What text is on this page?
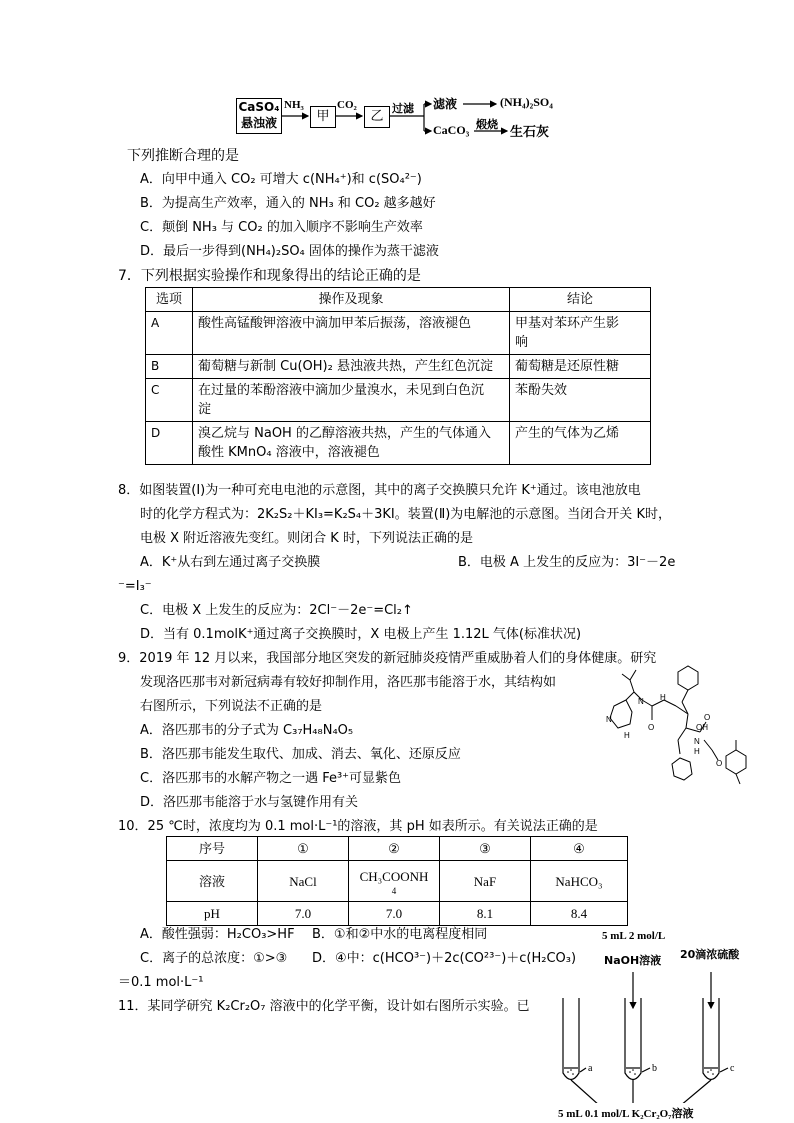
CaSO₄
悬浊液
NH₃
甲
CO₂
乙
过滤 滤液	(NH₄)₂SO₄
CaCO₃ 煅烧
生石灰
下列推断合理的是
A．向甲中通入 CO₂ 可增大 c(NH₄⁺)和 c(SO₄²⁻)
B．为提高生产效率，通入的 NH₃ 和 CO₂ 越多越好
C．颠倒 NH₃ 与 CO₂ 的加入顺序不影响生产效率
D．最后一步得到(NH₄)₂SO₄ 固体的操作为蒸干滤液
7．下列根据实验操作和现象得出的结论正确的是
选项	操作及现象	结论
A	酸性高锰酸钾溶液中滴加甲苯后振荡，溶液褪色	甲基对苯环产生影
响

B	葡萄糖与新制 Cu(OH)₂ 悬浊液共热，产生红色沉淀	葡萄糖是还原性糖

C	在过量的苯酚溶液中滴加少量溴水，未见到白色沉
淀	苯酚失效

D	溴乙烷与 NaOH 的乙醇溶液共热，产生的气体通入
酸性 KMnO₄ 溶液中，溶液褪色	产生的气体为乙烯
8．如图装置(Ⅰ)为一种可充电电池的示意图，其中的离子交换膜只允许 K⁺通过。该电池放电
时的化学方程式为：2K₂S₂＋KI₃=K₂S₄＋3KI。装置(Ⅱ)为电解池的示意图。当闭合开关 K时，
电极 X 附近溶液先变红。则闭合 K 时，下列说法正确的是
A．K⁺从右到左通过离子交换膜	B．电极 A 上发生的反应为：3I⁻－2e
⁻=I₃⁻
C．电极 X 上发生的反应为：2Cl⁻－2e⁻=Cl₂↑
D．当有 0.1molK⁺通过离子交换膜时，X 电极上产生 1.12L 气体(标准状况)
9．2019 年 12 月以来，我国部分地区突发的新冠肺炎疫情严重威胁着人们的身体健康。研究
发现洛匹那韦对新冠病毒有较好抑制作用，洛匹那韦能溶于水，其结构如
右图所示，下列说法不正确的是
A．洛匹那韦的分子式为 C₃₇H₄₈N₄O₅
B．洛匹那韦能发生取代、加成、消去、氧化、还原反应
C．洛匹那韦的水解产物之一遇 Fe³⁺可显紫色
D．洛匹那韦能溶于水与氢键作用有关
N
H
N H
O	OH
N
H
O
O
10．25 ℃时，浓度均为 0.1 mol·L⁻¹的溶液，其 pH 如表所示。有关说法正确的是
序号	①	②	③	④
溶液	NaCl	CH₃COONH
4	NaF	NaHCO₃
pH	7.0	7.0	8.1	8.4
A．酸性强弱：H₂CO₃>HF B．①和②中水的电离程度相同
C．离子的总浓度：①>③ D．④中：c(HCO³⁻)＋2c(CO²³⁻)＋c(H₂CO₃)
＝0.1 mol·L⁻¹
11．某同学研究 K₂Cr₂O₇ 溶液中的化学平衡，设计如右图所示实验。已
5 mL 2 mol/L
NaOH溶液 20滴浓硫酸
a	b	c
5 mL 0.1 mol/L K₂Cr₂O₇溶液
